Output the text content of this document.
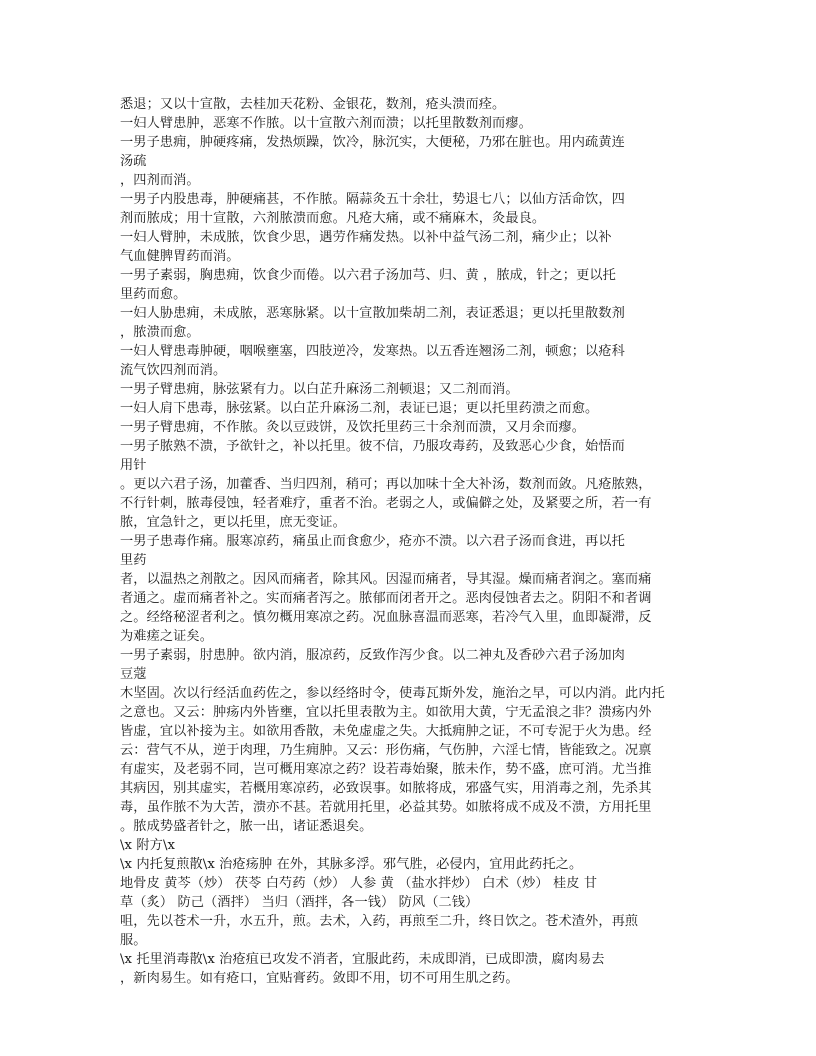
悉退；又以十宣散，去桂加天花粉、金银花，数剂，疮头溃而痊。
一妇人臂患肿，恶寒不作脓。以十宣散六剂而溃；以托里散数剂而瘳。
一男子患痈，肿硬疼痛，发热烦躁，饮冷，脉沉实，大便秘，乃邪在脏也。用内疏黄连
汤疏
，四剂而消。
一男子内股患毒，肿硬痛甚，不作脓。隔蒜灸五十余壮，势退七八；以仙方活命饮，四
剂而脓成；用十宣散，六剂脓溃而愈。凡疮大痛，或不痛麻木，灸最良。
一妇人臂肿，未成脓，饮食少思，遇劳作痛发热。以补中益气汤二剂，痛少止；以补
气血健脾胃药而消。
一男子素弱，胸患痈，饮食少而倦。以六君子汤加芎、归、黄 ，脓成，针之；更以托
里药而愈。
一妇人胁患痈，未成脓，恶寒脉紧。以十宣散加柴胡二剂，表证悉退；更以托里散数剂
，脓溃而愈。
一妇人臂患毒肿硬，咽喉壅塞，四肢逆冷，发寒热。以五香连翘汤二剂，顿愈；以疮科
流气饮四剂而消。
一男子臂患痈，脉弦紧有力。以白芷升麻汤二剂顿退；又二剂而消。
一妇人肩下患毒，脉弦紧。以白芷升麻汤二剂，表证已退；更以托里药溃之而愈。
一男子臂患痈，不作脓。灸以豆豉饼，及饮托里药三十余剂而溃，又月余而瘳。
一男子脓熟不溃，予欲针之，补以托里。彼不信，乃服攻毒药，及致恶心少食，始悟而
用针
。更以六君子汤，加藿香、当归四剂，稍可；再以加味十全大补汤，数剂而敛。凡疮脓熟，
不行针刺，脓毒侵蚀，轻者难疗，重者不治。老弱之人，或偏僻之处，及紧要之所，若一有
脓，宜急针之，更以托里，庶无变证。
一男子患毒作痛。服寒凉药，痛虽止而食愈少，疮亦不溃。以六君子汤而食进，再以托
里药
者，以温热之剂散之。因风而痛者，除其风。因湿而痛者，导其湿。燥而痛者润之。塞而痛
者通之。虚而痛者补之。实而痛者泻之。脓郁而闭者开之。恶肉侵蚀者去之。阴阳不和者调
之。经络秘涩者利之。慎勿概用寒凉之药。况血脉喜温而恶寒，若冷气入里，血即凝滞，反
为难瘥之证矣。
一男子素弱，肘患肿。欲内消，服凉药，反致作泻少食。以二神丸及香砂六君子汤加肉
豆蔻
木坚固。次以行经活血药佐之，参以经络时令，使毒瓦斯外发，施治之早，可以内消。此内托
之意也。又云：肿疡内外皆壅，宜以托里表散为主。如欲用大黄，宁无孟浪之非？溃疡内外
皆虚，宜以补接为主。如欲用香散，未免虚虚之失。大抵痈肿之证，不可专泥于火为患。经
云：营气不从，逆于肉理，乃生痈肿。又云：形伤痛，气伤肿，六淫七情，皆能致之。况禀
有虚实，及老弱不同，岂可概用寒凉之药？设若毒始聚，脓未作，势不盛，庶可消。尤当推
其病因，别其虚实，若概用寒凉药，必致误事。如脓将成，邪盛气实，用消毒之剂，先杀其
毒，虽作脓不为大苦，溃亦不甚。若就用托里，必益其势。如脓将成不成及不溃，方用托里
。脓成势盛者针之，脓一出，诸证悉退矣。
\x 附方\x
\x 内托复煎散\x 治疮疡肿 在外，其脉多浮。邪气胜，必侵内，宜用此药托之。
地骨皮 黄芩（炒） 茯苓 白芍药（炒） 人参 黄 （盐水拌炒） 白术（炒） 桂皮 甘
草（炙） 防己（酒拌） 当归（酒拌，各一钱） 防风（二钱）
咀，先以苍术一升，水五升，煎。去术，入药，再煎至二升，终日饮之。苍术渣外，再煎
服。
\x 托里消毒散\x 治疮疽已攻发不消者，宜服此药，未成即消，已成即溃，腐肉易去
，新肉易生。如有疮口，宜贴膏药。敛即不用，切不可用生肌之药。
